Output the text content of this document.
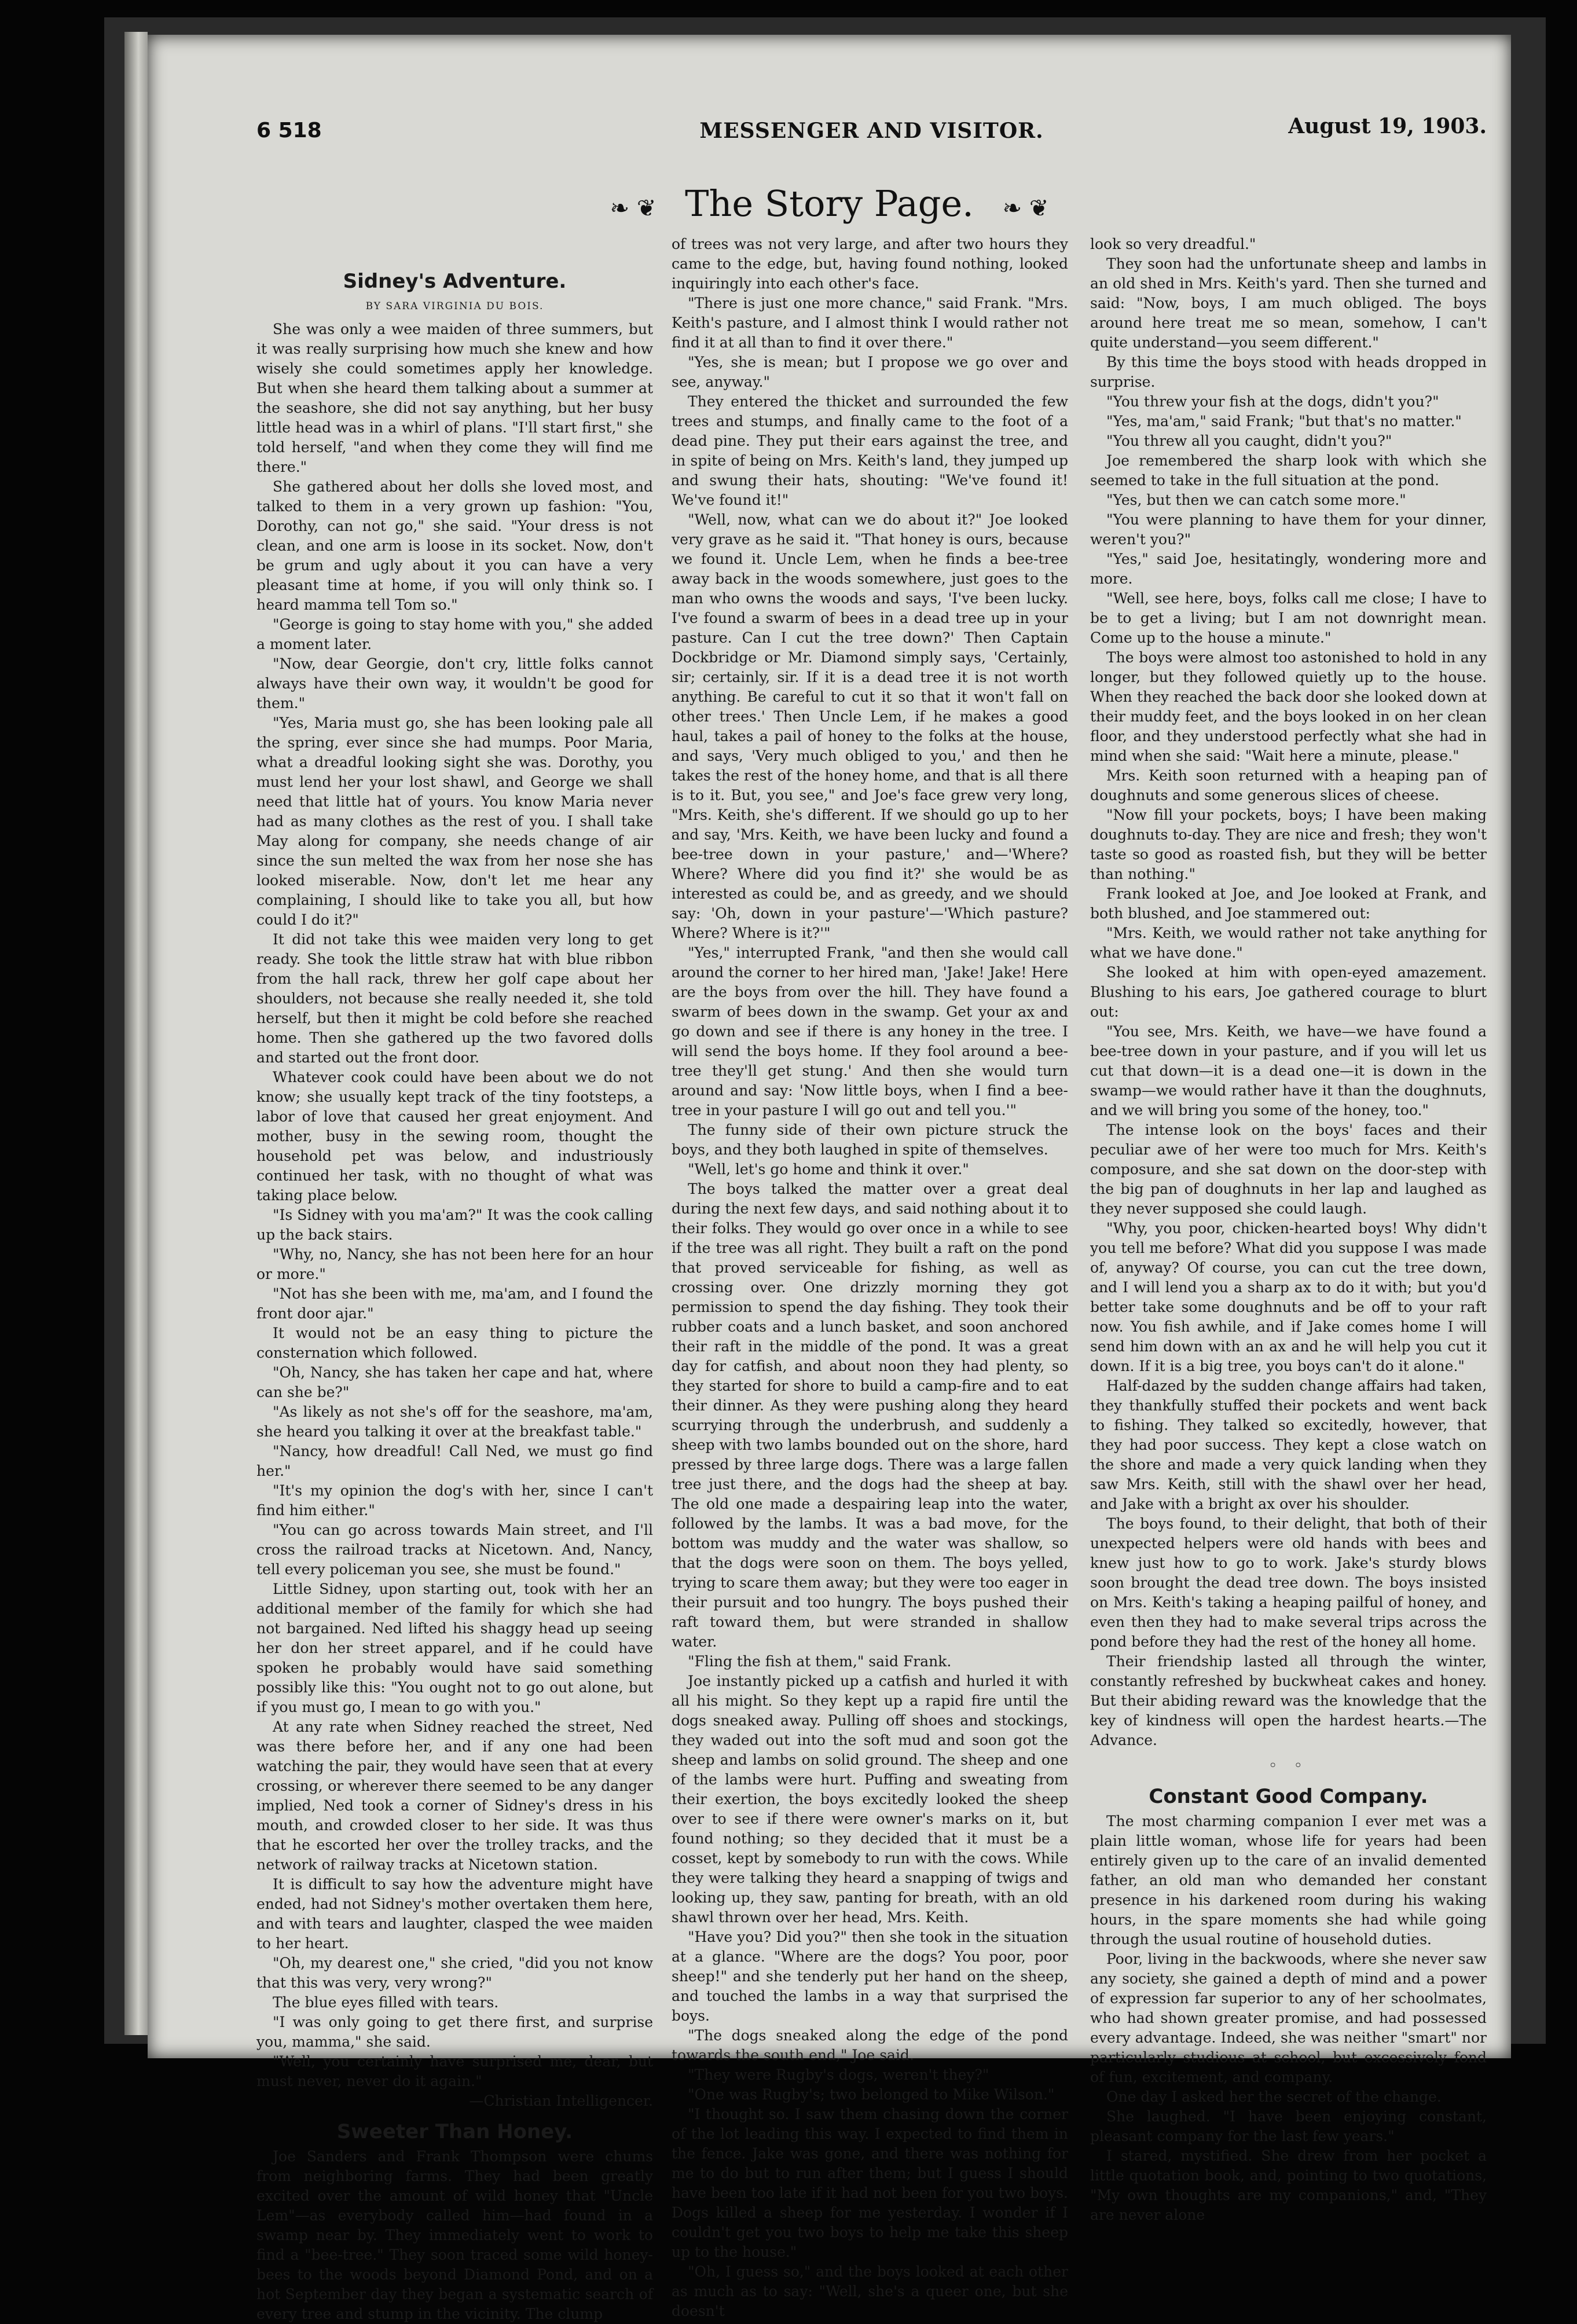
6 518	MESSENGER AND VISITOR.	August 19, 1903.
❧ ❦ The Story Page. ❧ ❦
Sidney's Adventure.
BY SARA VIRGINIA DU BOIS.

She was only a wee maiden of three summers, but it was really surprising how much she knew and how wisely she could sometimes apply her knowledge. But when she heard them talking about a summer at the seashore, she did not say anything, but her busy little head was in a whirl of plans. "I'll start first," she told herself, "and when they come they will find me there."

She gathered about her dolls she loved most, and talked to them in a very grown up fashion: "You, Dorothy, can not go," she said. "Your dress is not clean, and one arm is loose in its socket. Now, don't be grum and ugly about it you can have a very pleasant time at home, if you will only think so. I heard mamma tell Tom so."

"George is going to stay home with you," she added a moment later.

"Now, dear Georgie, don't cry, little folks cannot always have their own way, it wouldn't be good for them."

"Yes, Maria must go, she has been looking pale all the spring, ever since she had mumps. Poor Maria, what a dreadful looking sight she was. Dorothy, you must lend her your lost shawl, and George we shall need that little hat of yours. You know Maria never had as many clothes as the rest of you. I shall take May along for company, she needs change of air since the sun melted the wax from her nose she has looked miserable. Now, don't let me hear any complaining, I should like to take you all, but how could I do it?"

It did not take this wee maiden very long to get ready. She took the little straw hat with blue ribbon from the hall rack, threw her golf cape about her shoulders, not because she really needed it, she told herself, but then it might be cold before she reached home. Then she gathered up the two favored dolls and started out the front door.

Whatever cook could have been about we do not know; she usually kept track of the tiny footsteps, a labor of love that caused her great enjoyment. And mother, busy in the sewing room, thought the household pet was below, and industriously continued her task, with no thought of what was taking place below.

"Is Sidney with you ma'am?" It was the cook calling up the back stairs.

"Why, no, Nancy, she has not been here for an hour or more."

"Not has she been with me, ma'am, and I found the front door ajar."

It would not be an easy thing to picture the consternation which followed.

"Oh, Nancy, she has taken her cape and hat, where can she be?"

"As likely as not she's off for the seashore, ma'am, she heard you talking it over at the breakfast table."

"Nancy, how dreadful! Call Ned, we must go find her."

"It's my opinion the dog's with her, since I can't find him either."

"You can go across towards Main street, and I'll cross the railroad tracks at Nicetown. And, Nancy, tell every policeman you see, she must be found."

Little Sidney, upon starting out, took with her an additional member of the family for which she had not bargained. Ned lifted his shaggy head up seeing her don her street apparel, and if he could have spoken he probably would have said something possibly like this: "You ought not to go out alone, but if you must go, I mean to go with you."

At any rate when Sidney reached the street, Ned was there before her, and if any one had been watching the pair, they would have seen that at every crossing, or wherever there seemed to be any danger implied, Ned took a corner of Sidney's dress in his mouth, and crowded closer to her side. It was thus that he escorted her over the trolley tracks, and the network of railway tracks at Nicetown station.

It is difficult to say how the adventure might have ended, had not Sidney's mother overtaken them here, and with tears and laughter, clasped the wee maiden to her heart.

"Oh, my dearest one," she cried, "did you not know that this was very, very wrong?"

The blue eyes filled with tears.

"I was only going to get there first, and surprise you, mamma," she said.

"Well, you certainly have surprised me, dear, but must never, never do it again."

—Christian Intelligencer.

Sweeter Than Honey.

Joe Sanders and Frank Thompson were chums from neighboring farms. They had been greatly excited over the amount of wild honey that "Uncle Lem"—as everybody called him—had found in a swamp near by. They immediately went to work to find a "bee-tree." They soon traced some wild honey-bees to the woods beyond Diamond Pond, and on a hot September day they began a systematic search of every tree and stump in the vicinity. The clump

of trees was not very large, and after two hours they came to the edge, but, having found nothing, looked inquiringly into each other's face.

"There is just one more chance," said Frank. "Mrs. Keith's pasture, and I almost think I would rather not find it at all than to find it over there."

"Yes, she is mean; but I propose we go over and see, anyway."

They entered the thicket and surrounded the few trees and stumps, and finally came to the foot of a dead pine. They put their ears against the tree, and in spite of being on Mrs. Keith's land, they jumped up and swung their hats, shouting: "We've found it! We've found it!"

"Well, now, what can we do about it?" Joe looked very grave as he said it. "That honey is ours, because we found it. Uncle Lem, when he finds a bee-tree away back in the woods somewhere, just goes to the man who owns the woods and says, 'I've been lucky. I've found a swarm of bees in a dead tree up in your pasture. Can I cut the tree down?' Then Captain Dockbridge or Mr. Diamond simply says, 'Certainly, sir; certainly, sir. If it is a dead tree it is not worth anything. Be careful to cut it so that it won't fall on other trees.' Then Uncle Lem, if he makes a good haul, takes a pail of honey to the folks at the house, and says, 'Very much obliged to you,' and then he takes the rest of the honey home, and that is all there is to it. But, you see," and Joe's face grew very long, "Mrs. Keith, she's different. If we should go up to her and say, 'Mrs. Keith, we have been lucky and found a bee-tree down in your pasture,' and—'Where? Where? Where did you find it?' she would be as interested as could be, and as greedy, and we should say: 'Oh, down in your pasture'—'Which pasture? Where? Where is it?'"

"Yes," interrupted Frank, "and then she would call around the corner to her hired man, 'Jake! Jake! Here are the boys from over the hill. They have found a swarm of bees down in the swamp. Get your ax and go down and see if there is any honey in the tree. I will send the boys home. If they fool around a bee-tree they'll get stung.' And then she would turn around and say: 'Now little boys, when I find a bee-tree in your pasture I will go out and tell you.'"

The funny side of their own picture struck the boys, and they both laughed in spite of themselves.

"Well, let's go home and think it over."

The boys talked the matter over a great deal during the next few days, and said nothing about it to their folks. They would go over once in a while to see if the tree was all right. They built a raft on the pond that proved serviceable for fishing, as well as crossing over. One drizzly morning they got permission to spend the day fishing. They took their rubber coats and a lunch basket, and soon anchored their raft in the middle of the pond. It was a great day for catfish, and about noon they had plenty, so they started for shore to build a camp-fire and to eat their dinner. As they were pushing along they heard scurrying through the underbrush, and suddenly a sheep with two lambs bounded out on the shore, hard pressed by three large dogs. There was a large fallen tree just there, and the dogs had the sheep at bay. The old one made a despairing leap into the water, followed by the lambs. It was a bad move, for the bottom was muddy and the water was shallow, so that the dogs were soon on them. The boys yelled, trying to scare them away; but they were too eager in their pursuit and too hungry. The boys pushed their raft toward them, but were stranded in shallow water.

"Fling the fish at them," said Frank.

Joe instantly picked up a catfish and hurled it with all his might. So they kept up a rapid fire until the dogs sneaked away. Pulling off shoes and stockings, they waded out into the soft mud and soon got the sheep and lambs on solid ground. The sheep and one of the lambs were hurt. Puffing and sweating from their exertion, the boys excitedly looked the sheep over to see if there were owner's marks on it, but found nothing; so they decided that it must be a cosset, kept by somebody to run with the cows. While they were talking they heard a snapping of twigs and looking up, they saw, panting for breath, with an old shawl thrown over her head, Mrs. Keith.

"Have you? Did you?" then she took in the situation at a glance. "Where are the dogs? You poor, poor sheep!" and she tenderly put her hand on the sheep, and touched the lambs in a way that surprised the boys.

"The dogs sneaked along the edge of the pond towards the south end," Joe said.

"They were Rugby's dogs, weren't they?"

"One was Rugby's; two belonged to Mike Wilson."

"I thought so. I saw them chasing down the corner of the lot leading this way. I expected to find them in the fence. Jake was gone, and there was nothing for me to do but to run after them; but I guess I should have been too late if it had not been for you two boys. Dogs killed a sheep for me yesterday. I wonder if I couldn't get you two boys to help me take this sheep up to the house."

"Oh, I guess so," and the boys looked at each other as much as to say: "Well, she's a queer one, but she doesn't

look so very dreadful."

They soon had the unfortunate sheep and lambs in an old shed in Mrs. Keith's yard. Then she turned and said: "Now, boys, I am much obliged. The boys around here treat me so mean, somehow, I can't quite understand—you seem different."

By this time the boys stood with heads dropped in surprise.

"You threw your fish at the dogs, didn't you?"

"Yes, ma'am," said Frank; "but that's no matter."

"You threw all you caught, didn't you?"

Joe remembered the sharp look with which she seemed to take in the full situation at the pond.

"Yes, but then we can catch some more."

"You were planning to have them for your dinner, weren't you?"

"Yes," said Joe, hesitatingly, wondering more and more.

"Well, see here, boys, folks call me close; I have to be to get a living; but I am not downright mean. Come up to the house a minute."

The boys were almost too astonished to hold in any longer, but they followed quietly up to the house. When they reached the back door she looked down at their muddy feet, and the boys looked in on her clean floor, and they understood perfectly what she had in mind when she said: "Wait here a minute, please."

Mrs. Keith soon returned with a heaping pan of doughnuts and some generous slices of cheese.

"Now fill your pockets, boys; I have been making doughnuts to-day. They are nice and fresh; they won't taste so good as roasted fish, but they will be better than nothing."

Frank looked at Joe, and Joe looked at Frank, and both blushed, and Joe stammered out:

"Mrs. Keith, we would rather not take anything for what we have done."

She looked at him with open-eyed amazement. Blushing to his ears, Joe gathered courage to blurt out:

"You see, Mrs. Keith, we have—we have found a bee-tree down in your pasture, and if you will let us cut that down—it is a dead one—it is down in the swamp—we would rather have it than the doughnuts, and we will bring you some of the honey, too."

The intense look on the boys' faces and their peculiar awe of her were too much for Mrs. Keith's composure, and she sat down on the door-step with the big pan of doughnuts in her lap and laughed as they never supposed she could laugh.

"Why, you poor, chicken-hearted boys! Why didn't you tell me before? What did you suppose I was made of, anyway? Of course, you can cut the tree down, and I will lend you a sharp ax to do it with; but you'd better take some doughnuts and be off to your raft now. You fish awhile, and if Jake comes home I will send him down with an ax and he will help you cut it down. If it is a big tree, you boys can't do it alone."

Half-dazed by the sudden change affairs had taken, they thankfully stuffed their pockets and went back to fishing. They talked so excitedly, however, that they had poor success. They kept a close watch on the shore and made a very quick landing when they saw Mrs. Keith, still with the shawl over her head, and Jake with a bright ax over his shoulder.

The boys found, to their delight, that both of their unexpected helpers were old hands with bees and knew just how to go to work. Jake's sturdy blows soon brought the dead tree down. The boys insisted on Mrs. Keith's taking a heaping pailful of honey, and even then they had to make several trips across the pond before they had the rest of the honey all home.

Their friendship lasted all through the winter, constantly refreshed by buckwheat cakes and honey. But their abiding reward was the knowledge that the key of kindness will open the hardest hearts.—The Advance.

◦ ◦
Constant Good Company.

The most charming companion I ever met was a plain little woman, whose life for years had been entirely given up to the care of an invalid demented father, an old man who demanded her constant presence in his darkened room during his waking hours, in the spare moments she had while going through the usual routine of household duties.

Poor, living in the backwoods, where she never saw any society, she gained a depth of mind and a power of expression far superior to any of her schoolmates, who had shown greater promise, and had possessed every advantage. Indeed, she was neither "smart" nor particularly studious at school, but excessively fond of fun, excitement, and company.

One day I asked her the secret of the change.

She laughed. "I have been enjoying constant, pleasant company for the last few years."

I stared, mystified. She drew from her pocket a little quotation book, and, pointing to two quotations, "My own thoughts are my companions," and, "They are never alone
